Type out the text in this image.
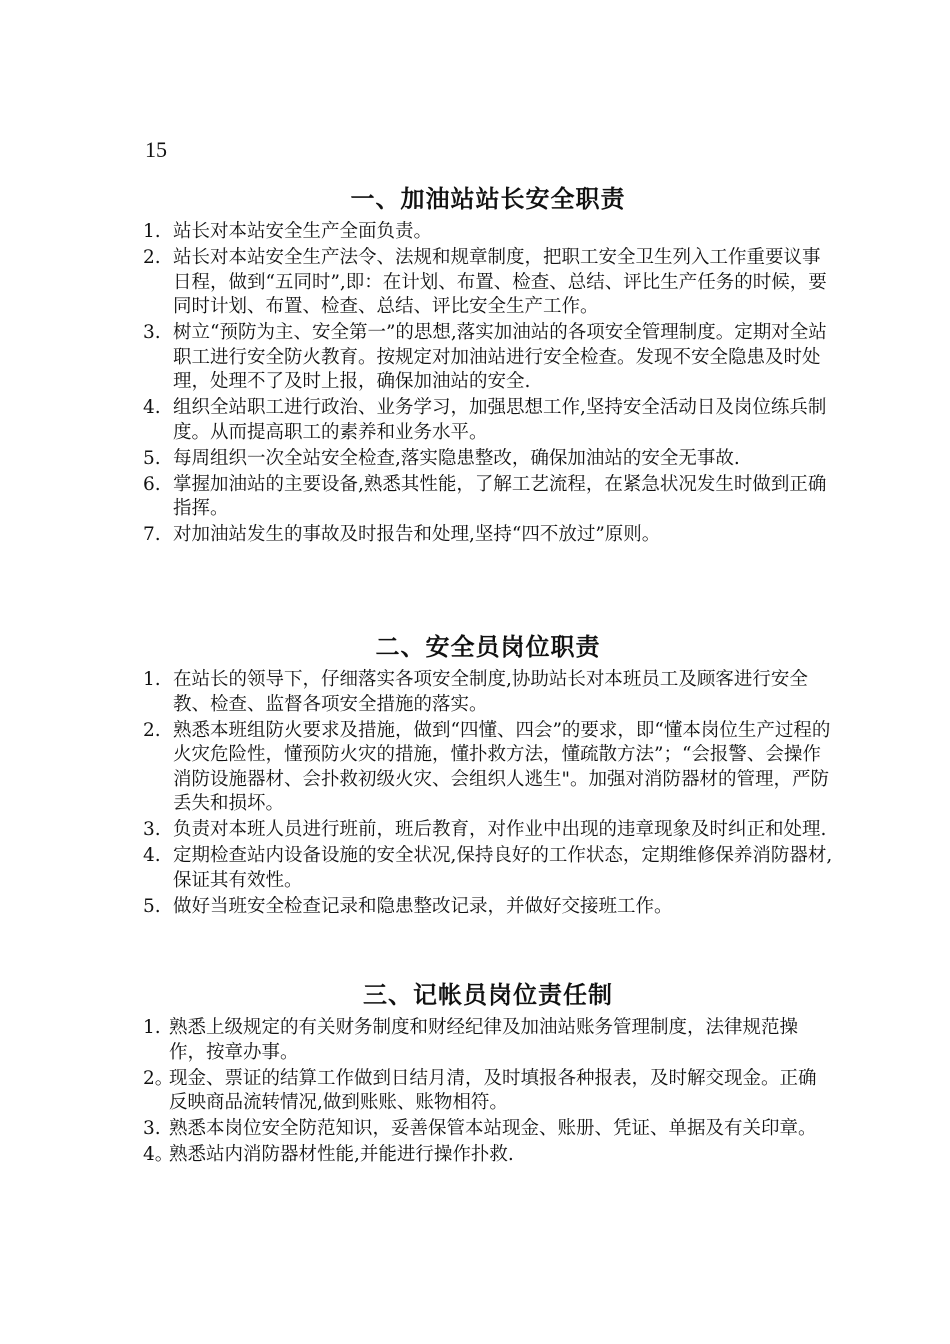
15
一、加油站站长安全职责
1. 站长对本站安全生产全面负责。
2. 站长对本站安全生产法令、法规和规章制度，把职工安全卫生列入工作重要议事日程，做到“五同时”,即：在计划、布置、检查、总结、评比生产任务的时候，要同时计划、布置、检查、总结、评比安全生产工作。
3. 树立“预防为主、安全第一”的思想,落实加油站的各项安全管理制度。定期对全站职工进行安全防火教育。按规定对加油站进行安全检查。发现不安全隐患及时处理，处理不了及时上报，确保加油站的安全.
4. 组织全站职工进行政治、业务学习，加强思想工作,坚持安全活动日及岗位练兵制度。从而提高职工的素养和业务水平。
5. 每周组织一次全站安全检查,落实隐患整改，确保加油站的安全无事故.
6. 掌握加油站的主要设备,熟悉其性能，了解工艺流程，在紧急状况发生时做到正确指挥。
7. 对加油站发生的事故及时报告和处理,坚持“四不放过”原则。
二、安全员岗位职责
1. 在站长的领导下，仔细落实各项安全制度,协助站长对本班员工及顾客进行安全教、检查、监督各项安全措施的落实。
2. 熟悉本班组防火要求及措施，做到“四懂、四会”的要求，即“懂本岗位生产过程的火灾危险性，懂预防火灾的措施，懂扑救方法，懂疏散方法”；“会报警、会操作消防设施器材、会扑救初级火灾、会组织人逃生"。加强对消防器材的管理，严防丢失和损坏。
3. 负责对本班人员进行班前，班后教育，对作业中出现的违章现象及时纠正和处理.
4. 定期检查站内设备设施的安全状况,保持良好的工作状态，定期维修保养消防器材,保证其有效性。
5. 做好当班安全检查记录和隐患整改记录，并做好交接班工作。
三、记帐员岗位责任制
1. 熟悉上级规定的有关财务制度和财经纪律及加油站账务管理制度，法律规范操作，按章办事。
2。
现金、票证的结算工作做到日结月清，及时填报各种报表，及时解交现金。正确反映商品流转情况,做到账账、账物相符。
3. 熟悉本岗位安全防范知识，妥善保管本站现金、账册、凭证、单据及有关印章。
4。
熟悉站内消防器材性能,并能进行操作扑救.
